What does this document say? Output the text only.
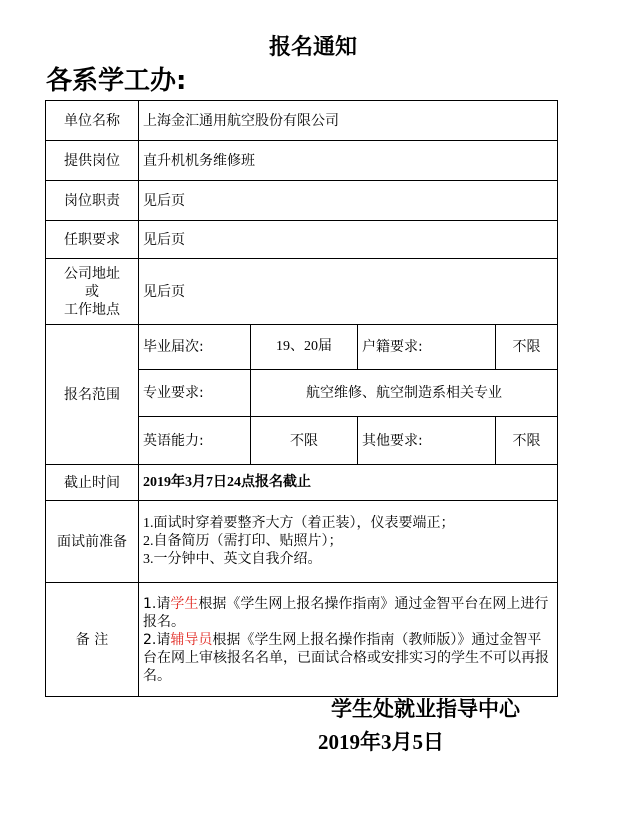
报名通知
各系学工办:
单位名称	上海金汇通用航空股份有限公司			
提供岗位	直升机机务维修班			
岗位职责	见后页			
任职要求	见后页			

公司地址
或
工作地点	见后页			
报名范围	毕业届次:	19、20届	户籍要求:	不限
	专业要求:	航空维修、航空制造系相关专业		
	英语能力:	不限	其他要求:	不限
截止时间	2019年3月7日24点报名截止			
面试前准备	1.面试时穿着要整齐大方（着正装），仪表要端正；
2.自备简历（需打印、贴照片）；
3.一分钟中、英文自我介绍。			

备 注	1.请学生根据《学生网上报名操作指南》通过金智平台在网上进行报名。
2.请辅导员根据《学生网上报名操作指南（教师版）》通过金智平台在网上审核报名名单，已面试合格或安排实习的学生不可以再报名。			
学生处就业指导中心
2019年3月5日
